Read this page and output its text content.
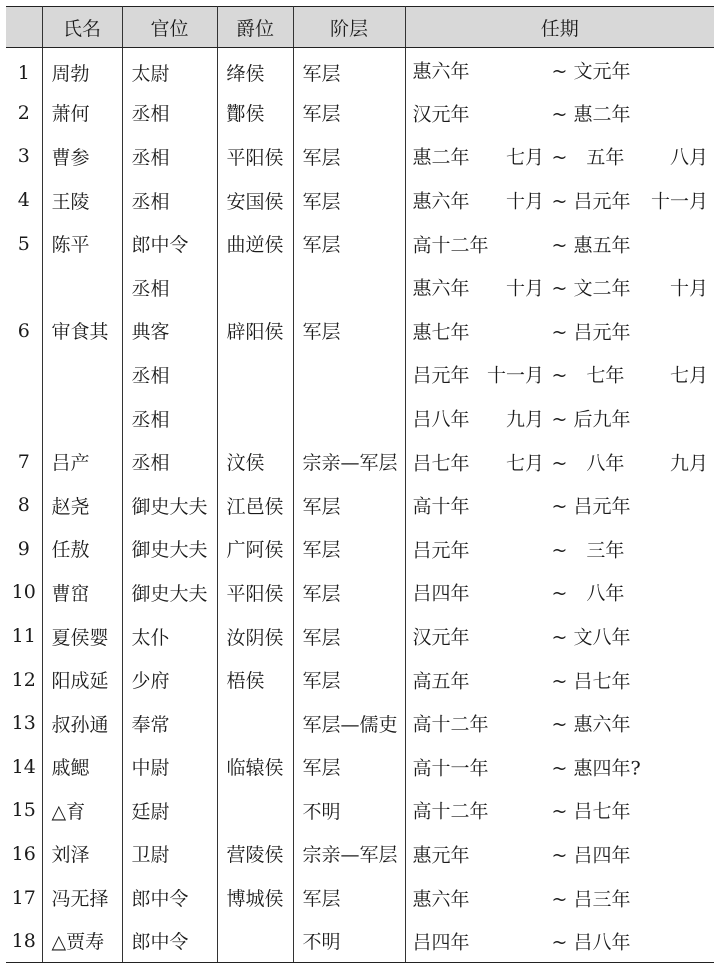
	氏名	官位	爵位	阶层	任期
1	周勃	太尉	绛侯	军层	惠六年 ~ 文元年

2	萧何	丞相	酇侯	军层	汉元年 ~ 惠二年

3	曹参	丞相	平阳侯	军层	惠二年 七月 ~　五年 八月

4	王陵	丞相	安国侯	军层	惠六年 十月 ~ 吕元年 十一月

5	陈平	郎中令	曲逆侯	军层	高十二年 ~ 惠五年

		丞相			惠六年 十月 ~ 文二年 十月

6	审食其	典客	辟阳侯	军层	惠七年 ~ 吕元年

		丞相			吕元年 十一月 ~　七年 七月

		丞相			吕八年 九月 ~ 后九年

7	吕产	丞相	汶侯	宗亲—军层	吕七年 七月 ~　八年 九月

8	赵尧	御史大夫	江邑侯	军层	高十年 ~ 吕元年

9	任敖	御史大夫	广阿侯	军层	吕元年 ~　三年

10	曹窋	御史大夫	平阳侯	军层	吕四年 ~　八年

11	夏侯婴	太仆	汝阴侯	军层	汉元年 ~ 文八年

12	阳成延	少府	梧侯	军层	高五年 ~ 吕七年

13	叔孙通	奉常		军层—儒吏	高十二年 ~ 惠六年

14	戚鳃	中尉	临辕侯	军层	高十一年 ~ 惠四年?

15	△育	廷尉		不明	高十二年 ~ 吕七年

16	刘泽	卫尉	营陵侯	宗亲—军层	惠元年 ~ 吕四年

17	冯无择	郎中令	博城侯	军层	惠六年 ~ 吕三年

18	△贾寿	郎中令		不明	吕四年 ~ 吕八年
